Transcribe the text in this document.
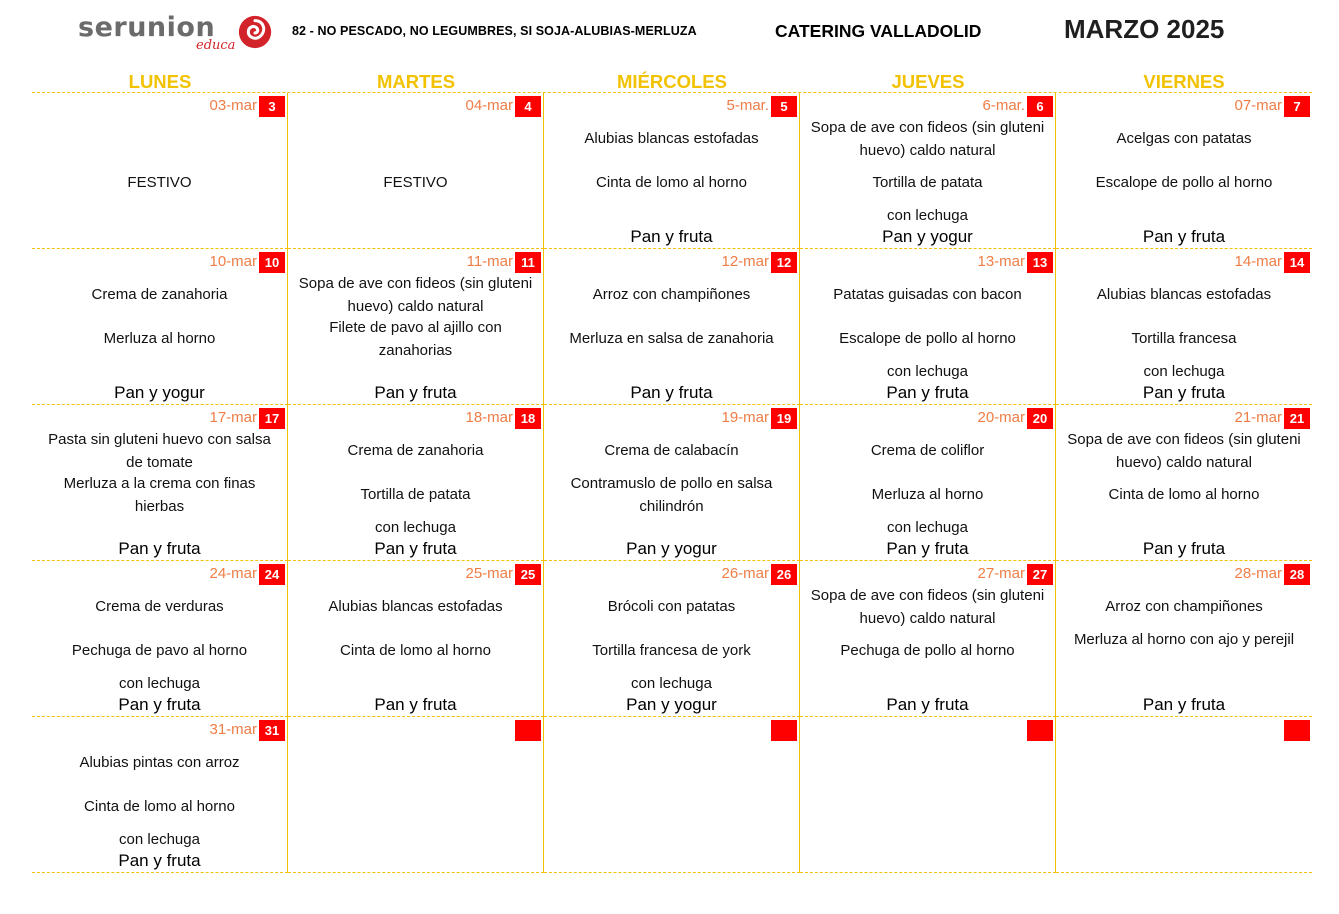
serunion
educa
82 - NO PESCADO, NO LEGUMBRES, SI SOJA-ALUBIAS-MERLUZA	CATERING VALLADOLID	MARZO 2025
LUNES	MARTES	MIÉRCOLES	JUEVES	VIERNES
03-mar 3
FESTIVO
04-mar 4
FESTIVO
5-mar. 5
Alubias blancas estofadas
Cinta de lomo al horno
Pan y fruta
6-mar. 6
Sopa de ave con fideos (sin gluteni huevo) caldo natural
Tortilla de patata
con lechuga
Pan y yogur
07-mar 7
Acelgas con patatas
Escalope de pollo al horno
Pan y fruta
10-mar 10
Crema de zanahoria
Merluza al horno
Pan y yogur
11-mar 11
Sopa de ave con fideos (sin gluteni huevo) caldo natural
Filete de pavo al ajillo con zanahorias
Pan y fruta
12-mar 12
Arroz con champiñones
Merluza en salsa de zanahoria
Pan y fruta
13-mar 13
Patatas guisadas con bacon
Escalope de pollo al horno
con lechuga
Pan y fruta
14-mar 14
Alubias blancas estofadas
Tortilla francesa
con lechuga
Pan y fruta
17-mar 17
Pasta sin gluteni huevo con salsa de tomate
Merluza a la crema con finas hierbas
Pan y fruta
18-mar 18
Crema de zanahoria
Tortilla de patata
con lechuga
Pan y fruta
19-mar 19
Crema de calabacín
Contramuslo de pollo en salsa chilindrón
Pan y yogur
20-mar 20
Crema de coliflor
Merluza al horno
con lechuga
Pan y fruta
21-mar 21
Sopa de ave con fideos (sin gluteni huevo) caldo natural
Cinta de lomo al horno
Pan y fruta
24-mar 24
Crema de verduras
Pechuga de pavo al horno
con lechuga
Pan y fruta
25-mar 25
Alubias blancas estofadas
Cinta de lomo al horno
Pan y fruta
26-mar 26
Brócoli con patatas
Tortilla francesa de york
con lechuga
Pan y yogur
27-mar 27
Sopa de ave con fideos (sin gluteni huevo) caldo natural
Pechuga de pollo al horno
Pan y fruta
28-mar 28
Arroz con champiñones
Merluza al horno con ajo y perejil
Pan y fruta
31-mar 31
Alubias pintas con arroz
Cinta de lomo al horno
con lechuga
Pan y fruta
